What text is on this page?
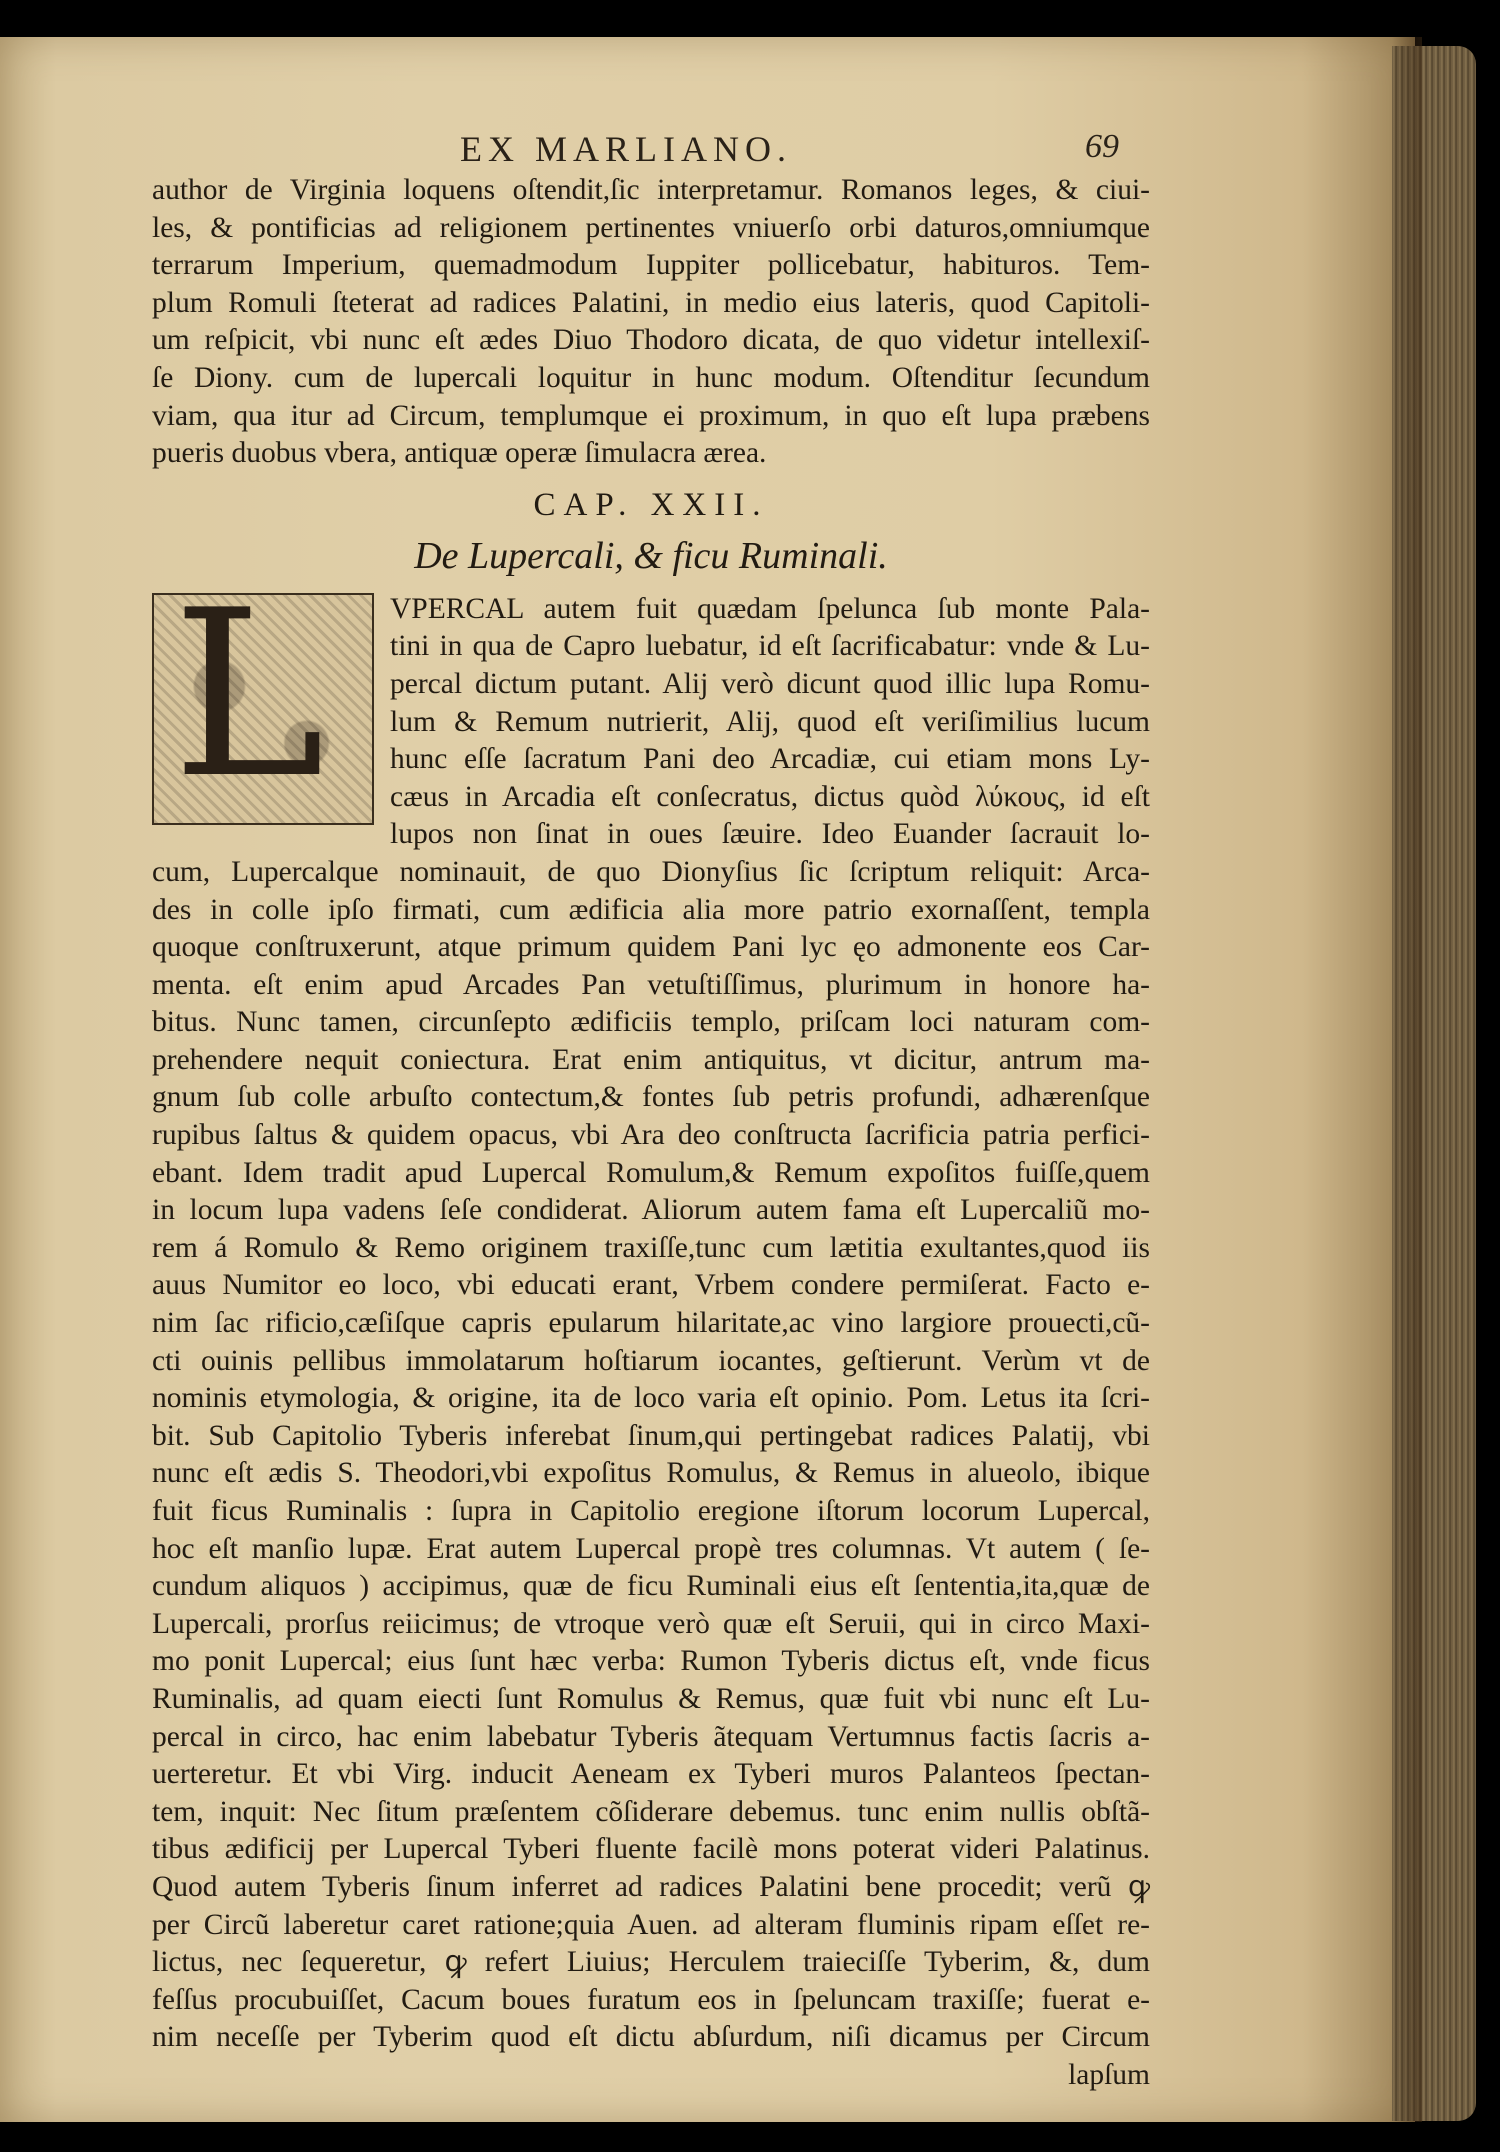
EX MARLIANO.	69
author de Virginia loquens oſtendit,ſic interpretamur. Romanos leges, & ciui-
les, & pontificias ad religionem pertinentes vniuerſo orbi daturos,omniumque
terrarum Imperium, quemadmodum Iuppiter pollicebatur, habituros. Tem-
plum Romuli ſteterat ad radices Palatini, in medio eius lateris, quod Capitoli-
um reſpicit, vbi nunc eſt ædes Diuo Thodoro dicata, de quo videtur intellexiſ-
ſe Diony. cum de lupercali loquitur in hunc modum. Oſtenditur ſecundum
viam, qua itur ad Circum, templumque ei proximum, in quo eſt lupa præbens
pueris duobus vbera, antiquæ operæ ſimulacra ærea.
CAP. XXII.
De Lupercali, & ficu Ruminali.
L VPERCAL autem fuit quædam ſpelunca ſub monte Pala-
tini in qua de Capro luebatur, id eſt ſacrificabatur: vnde & Lu-
percal dictum putant. Alij verò dicunt quod illic lupa Romu-
lum & Remum nutrierit, Alij, quod eſt veriſimilius lucum
hunc eſſe ſacratum Pani deo Arcadiæ, cui etiam mons Ly-
cæus in Arcadia eſt conſecratus, dictus quòd λύκους, id eſt
lupos non ſinat in oues ſæuire. Ideo Euander ſacrauit lo-
cum, Lupercalque nominauit, de quo Dionyſius ſic ſcriptum reliquit: Arca-
des in colle ipſo firmati, cum ædificia alia more patrio exornaſſent, templa
quoque conſtruxerunt, atque primum quidem Pani lyc ęo admonente eos Car-
menta. eſt enim apud Arcades Pan vetuſtiſſimus, plurimum in honore ha-
bitus. Nunc tamen, circunſepto ædificiis templo, priſcam loci naturam com-
prehendere nequit coniectura. Erat enim antiquitus, vt dicitur, antrum ma-
gnum ſub colle arbuſto contectum,& fontes ſub petris profundi, adhærenſque
rupibus ſaltus & quidem opacus, vbi Ara deo conſtructa ſacrificia patria perfici-
ebant. Idem tradit apud Lupercal Romulum,& Remum expoſitos fuiſſe,quem
in locum lupa vadens ſeſe condiderat. Aliorum autem fama eſt Lupercaliũ mo-
rem á Romulo & Remo originem traxiſſe,tunc cum lætitia exultantes,quod iis
auus Numitor eo loco, vbi educati erant, Vrbem condere permiſerat. Facto e-
nim ſac rificio,cæſiſque capris epularum hilaritate,ac vino largiore prouecti,cũ-
cti ouinis pellibus immolatarum hoſtiarum iocantes, geſtierunt. Verùm vt de
nominis etymologia, & origine, ita de loco varia eſt opinio. Pom. Letus ita ſcri-
bit. Sub Capitolio Tyberis inferebat ſinum,qui pertingebat radices Palatij, vbi
nunc eſt ædis S. Theodori,vbi expoſitus Romulus, & Remus in alueolo, ibique
fuit ficus Ruminalis : ſupra in Capitolio eregione iſtorum locorum Lupercal,
hoc eſt manſio lupæ. Erat autem Lupercal propè tres columnas. Vt autem ( ſe-
cundum aliquos ) accipimus, quæ de ficu Ruminali eius eſt ſententia,ita,quæ de
Lupercali, prorſus reiicimus; de vtroque verò quæ eſt Seruii, qui in circo Maxi-
mo ponit Lupercal; eius ſunt hæc verba: Rumon Tyberis dictus eſt, vnde ficus
Ruminalis, ad quam eiecti ſunt Romulus & Remus, quæ fuit vbi nunc eſt Lu-
percal in circo, hac enim labebatur Tyberis ãtequam Vertumnus factis ſacris a-
uerteretur. Et vbi Virg. inducit Aeneam ex Tyberi muros Palanteos ſpectan-
tem, inquit: Nec ſitum præſentem cõſiderare debemus. tunc enim nullis obſtã-
tibus ædificij per Lupercal Tyberi fluente facilè mons poterat videri Palatinus.
Quod autem Tyberis ſinum inferret ad radices Palatini bene procedit; verũ ꝙ
per Circũ laberetur caret ratione;quia Auen. ad alteram fluminis ripam eſſet re-
lictus, nec ſequeretur, ꝙ refert Liuius; Herculem traieciſſe Tyberim, &, dum
feſſus procubuiſſet, Cacum boues furatum eos in ſpeluncam traxiſſe; fuerat e-
nim neceſſe per Tyberim quod eſt dictu abſurdum, niſi dicamus per Circum
lapſum
